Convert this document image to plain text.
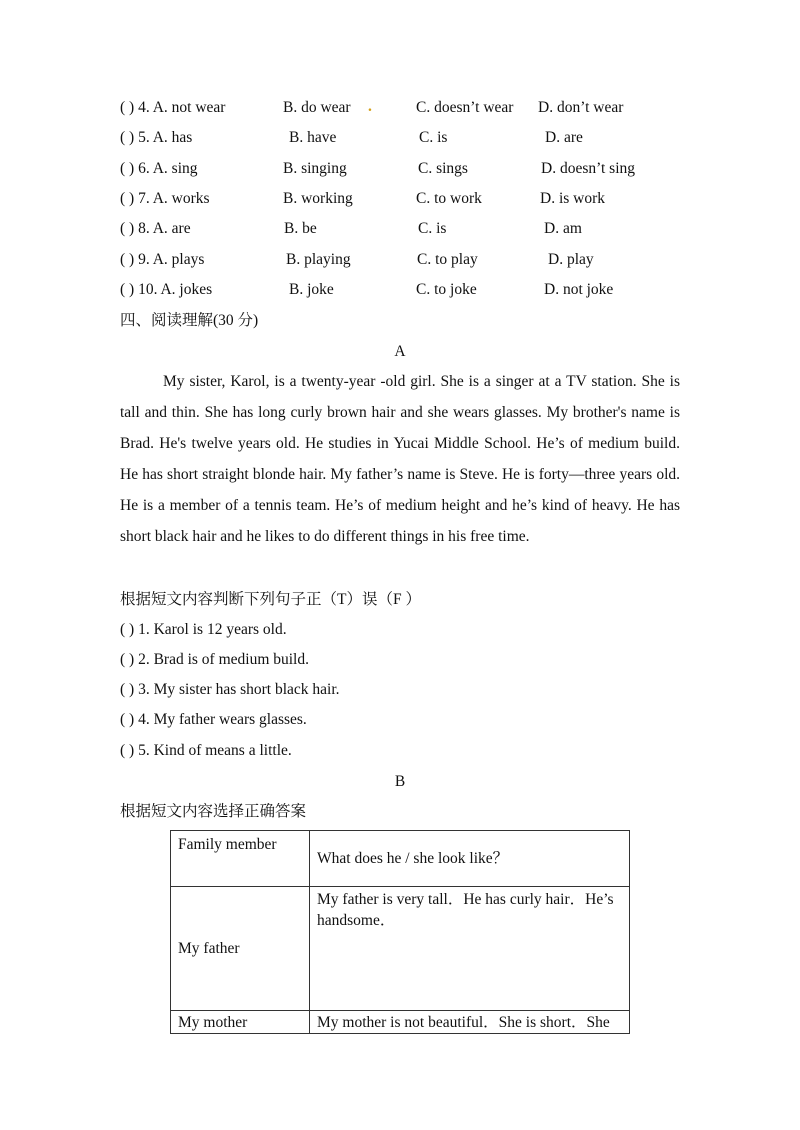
( ) 4. A. not wear	B. do wear .	C. doesn’t wear D. don’t wear
( ) 5. A. has	B. have	C. is	D. are
( ) 6. A. sing	B. singing	C. sings	D. doesn’t sing
( ) 7. A. works	B. working	C. to work	D. is work
( ) 8. A. are	B. be	C. is	D. am
( ) 9. A. plays	B. playing	C. to play	D. play
( ) 10. A. jokes	B. joke	C. to joke	D. not joke
四、阅读理解(30 分)
A

My sister, Karol, is a twenty-year -old girl. She is a singer at a TV station. She is tall and thin. She has long curly brown hair and she wears glasses. My brother's name is Brad. He's twelve years old. He studies in Yucai Middle School. He’s of medium build. He has short straight blonde hair. My father’s name is Steve. He is forty—three years old. He is a member of a tennis team. He’s of medium height and he’s kind of heavy. He has short black hair and he likes to do different things in his free time.

根据短文内容判断下列句子正（T）误（F ）
( ) 1. Karol is 12 years old.
( ) 2. Brad is of medium build.
( ) 3. My sister has short black hair.
( ) 4. My father wears glasses.
( ) 5. Kind of means a little.
B
根据短文内容选择正确答案
Family member	What does he / she look like？
My father	My father is very tall．He has curly hair．He’s handsome．
My mother	My mother is not beautiful．She is short．She
